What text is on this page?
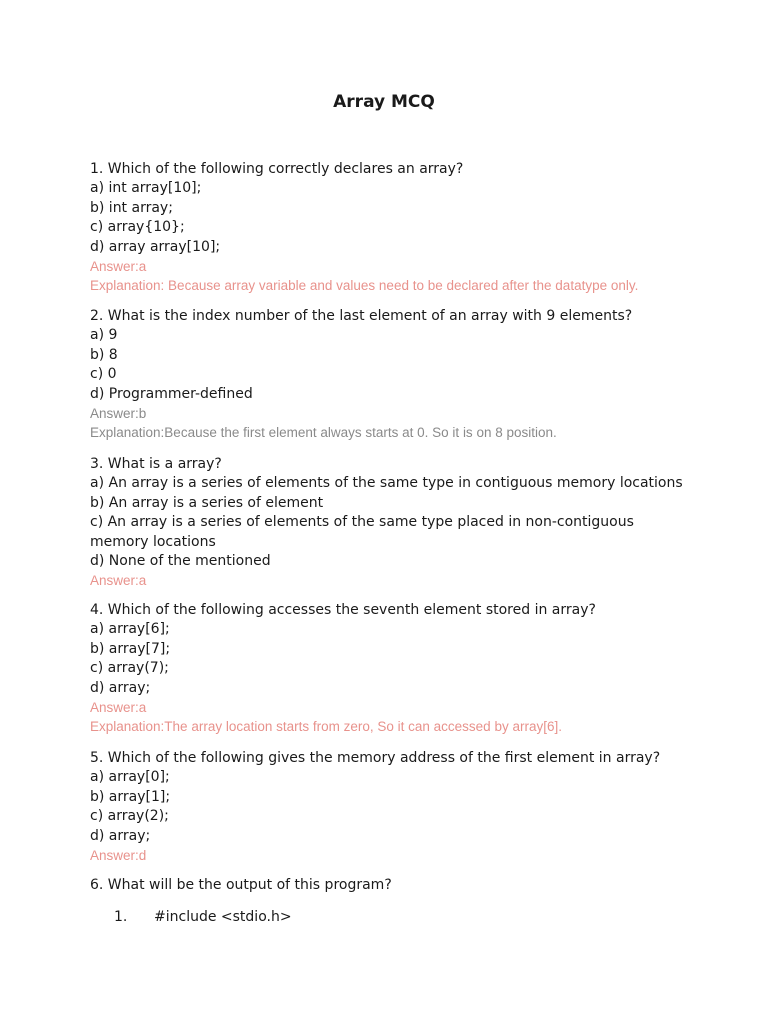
Array MCQ
1. Which of the following correctly declares an array?
a) int array[10];
b) int array;
c) array{10};
d) array array[10];
Answer:a
Explanation: Because array variable and values need to be declared after the datatype only.
2. What is the index number of the last element of an array with 9 elements?
a) 9
b) 8
c) 0
d) Programmer-defined
Answer:b
Explanation:Because the first element always starts at 0. So it is on 8 position.
3. What is a array?
a) An array is a series of elements of the same type in contiguous memory locations
b) An array is a series of element
c) An array is a series of elements of the same type placed in non-contiguous memory locations
d) None of the mentioned
Answer:a
4. Which of the following accesses the seventh element stored in array?
a) array[6];
b) array[7];
c) array(7);
d) array;
Answer:a
Explanation:The array location starts from zero, So it can accessed by array[6].
5. Which of the following gives the memory address of the first element in array?
a) array[0];
b) array[1];
c) array(2);
d) array;
Answer:d
6. What will be the output of this program?
1. #include <stdio.h>
